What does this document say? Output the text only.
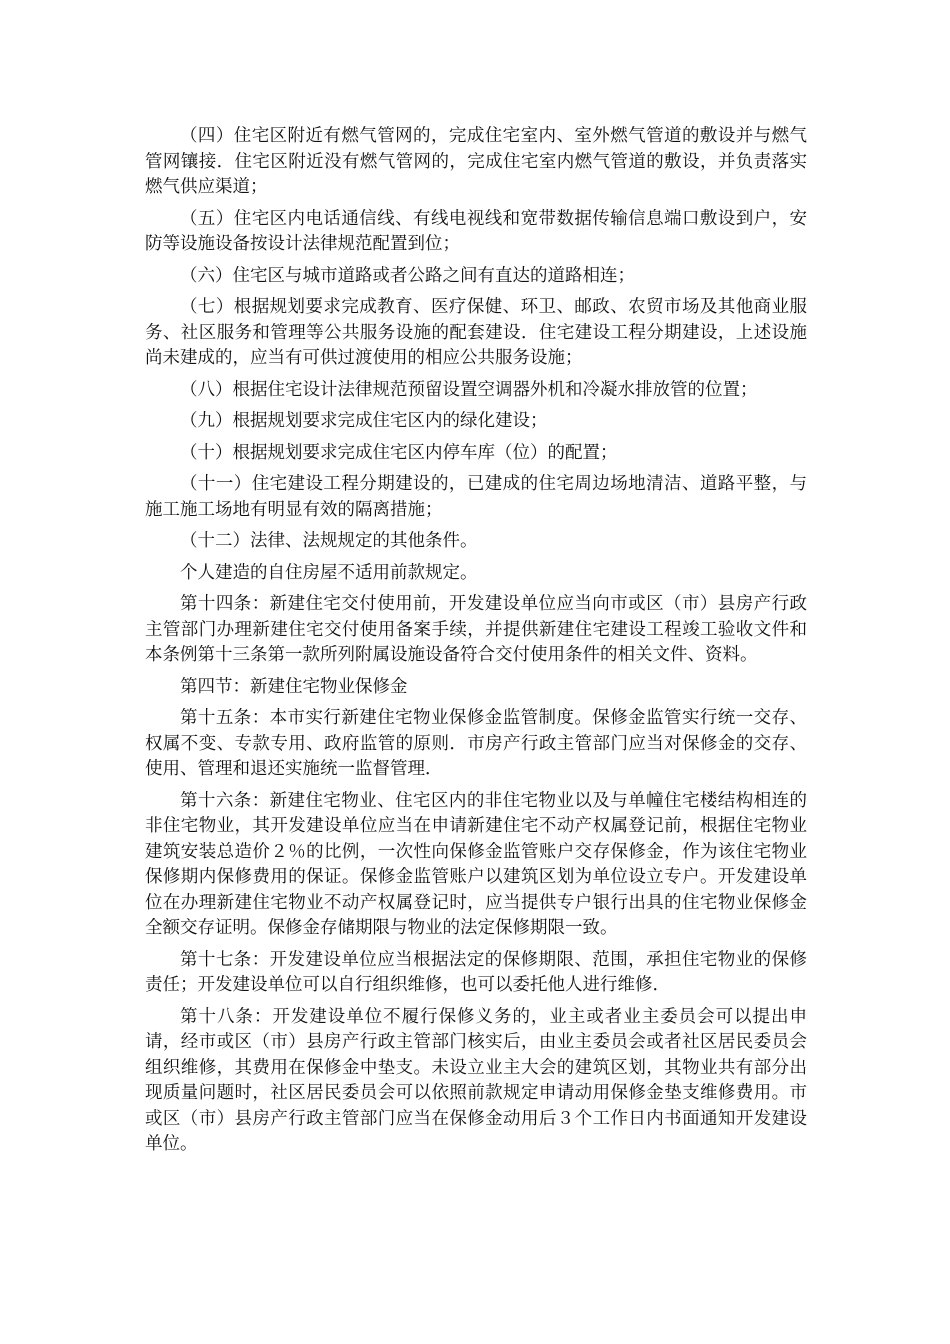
（四）住宅区附近有燃气管网的，完成住宅室内、室外燃气管道的敷设并与燃气管网镶接．住宅区附近没有燃气管网的，完成住宅室内燃气管道的敷设，并负责落实燃气供应渠道；

（五）住宅区内电话通信线、有线电视线和宽带数据传输信息端口敷设到户，安防等设施设备按设计法律规范配置到位；

（六）住宅区与城市道路或者公路之间有直达的道路相连；

（七）根据规划要求完成教育、医疗保健、环卫、邮政、农贸市场及其他商业服务、社区服务和管理等公共服务设施的配套建设．住宅建设工程分期建设，上述设施尚未建成的，应当有可供过渡使用的相应公共服务设施；

（八）根据住宅设计法律规范预留设置空调器外机和冷凝水排放管的位置；

（九）根据规划要求完成住宅区内的绿化建设；

（十）根据规划要求完成住宅区内停车库（位）的配置；

（十一）住宅建设工程分期建设的，已建成的住宅周边场地清洁、道路平整，与施工施工场地有明显有效的隔离措施；

（十二）法律、法规规定的其他条件。

个人建造的自住房屋不适用前款规定。

第十四条：新建住宅交付使用前，开发建设单位应当向市或区（市）县房产行政主管部门办理新建住宅交付使用备案手续，并提供新建住宅建设工程竣工验收文件和本条例第十三条第一款所列附属设施设备符合交付使用条件的相关文件、资料。

第四节：新建住宅物业保修金

第十五条：本市实行新建住宅物业保修金监管制度。保修金监管实行统一交存、权属不变、专款专用、政府监管的原则．市房产行政主管部门应当对保修金的交存、使用、管理和退还实施统一监督管理．

第十六条：新建住宅物业、住宅区内的非住宅物业以及与单幢住宅楼结构相连的非住宅物业，其开发建设单位应当在申请新建住宅不动产权属登记前，根据住宅物业建筑安装总造价２％的比例，一次性向保修金监管账户交存保修金，作为该住宅物业保修期内保修费用的保证。保修金监管账户以建筑区划为单位设立专户。开发建设单位在办理新建住宅物业不动产权属登记时，应当提供专户银行出具的住宅物业保修金全额交存证明。保修金存储期限与物业的法定保修期限一致。

第十七条：开发建设单位应当根据法定的保修期限、范围，承担住宅物业的保修责任；开发建设单位可以自行组织维修，也可以委托他人进行维修．

第十八条：开发建设单位不履行保修义务的，业主或者业主委员会可以提出申请，经市或区（市）县房产行政主管部门核实后，由业主委员会或者社区居民委员会组织维修，其费用在保修金中垫支。未设立业主大会的建筑区划，其物业共有部分出现质量问题时，社区居民委员会可以依照前款规定申请动用保修金垫支维修费用。市或区（市）县房产行政主管部门应当在保修金动用后３个工作日内书面通知开发建设单位。
